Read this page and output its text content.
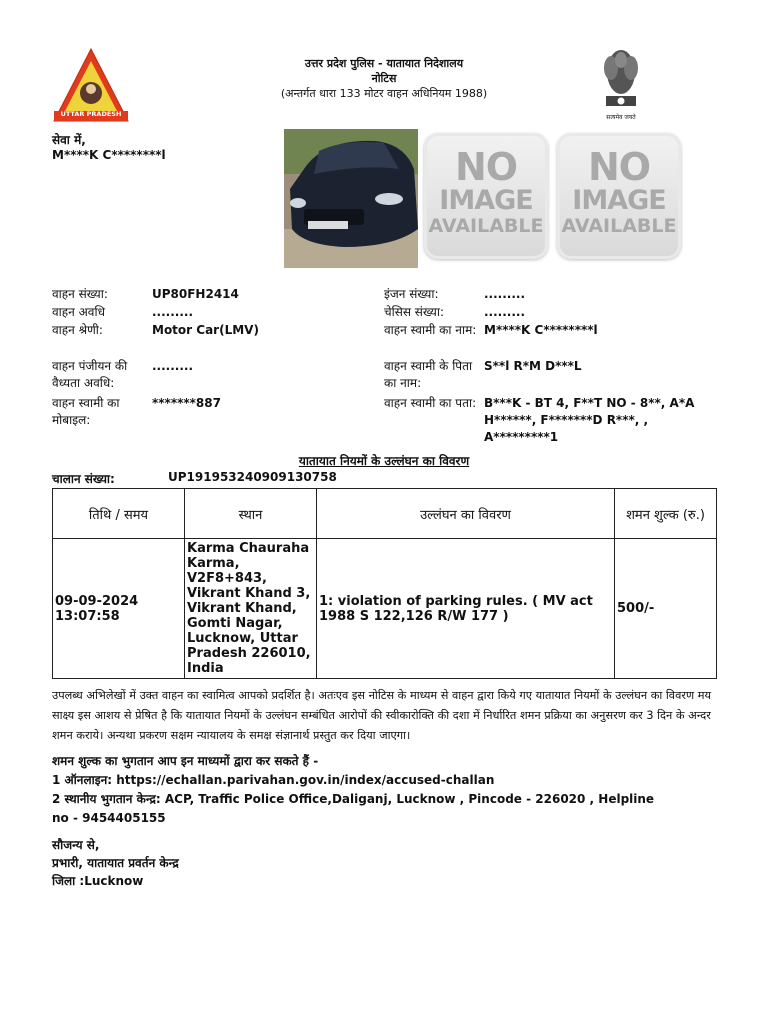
UTTAR PRADESH
उत्तर प्रदेश पुलिस - यातायात निदेशालय
नोटिस
(अन्तर्गत धारा 133 मोटर वाहन अधिनियम 1988)
सत्यमेव जयते
सेवा में,
M****K C********l	NO
IMAGE
AVAILABLE
NO
IMAGE
AVAILABLE
वाहन संख्या:	UP80FH2414
वाहन अवधि	.........
वाहन श्रेणी:	Motor Car(LMV)
वाहन पंजीयन की वैध्यता अवधि:
.........
वाहन स्वामी का मोबाइल:
*******887
इंजन संख्या:	.........
चेसिस संख्या:	.........
वाहन स्वामी का नाम: M****K C********l
वाहन स्वामी के पिता का नाम:
S**l R*M D***L
वाहन स्वामी का पता: B***K - BT 4, F**T NO - 8**, A*A H******, F*******D R***, , A*********1
यातायात नियमों के उल्लंघन का विवरण
चालान संख्या:	UP191953240909130758
तिथि / समय	स्थान	उल्लंघन का विवरण	शमन शुल्क (रु.)
09-09-2024 13:07:58	Karma Chauraha Karma, V2F8+843, Vikrant Khand 3, Vikrant Khand, Gomti Nagar, Lucknow, Uttar Pradesh 226010, India	1: violation of parking rules. ( MV act 1988 S 122,126 R/W 177 )	500/-
उपलब्ध अभिलेखों में उक्त वाहन का स्वामित्व आपको प्रदर्शित है। अतःएव इस नोटिस के माध्यम से वाहन द्वारा किये गए यातायात नियमों के उल्लंघन का विवरण मय साक्ष्य इस आशय से प्रेषित है कि यातायात नियमों के उल्लंघन सम्बंधित आरोपों की स्वीकारोक्ति की दशा में निर्धारित शमन प्रक्रिया का अनुसरण कर 3 दिन के अन्दर शमन कराये। अन्यथा प्रकरण सक्षम न्यायालय के समक्ष संज्ञानार्थ प्रस्तुत कर दिया जाएगा।
शमन शुल्क का भुगतान आप इन माध्यमों द्वारा कर सकते हैं -
1 ऑनलाइन: https://echallan.parivahan.gov.in/index/accused-challan
2 स्थानीय भुगतान केन्द्र: ACP, Traffic Police Office,Daliganj, Lucknow , Pincode - 226020 , Helpline no - 9454405155
सौजन्य से,
प्रभारी, यातायात प्रवर्तन केन्द्र
जिला :Lucknow
